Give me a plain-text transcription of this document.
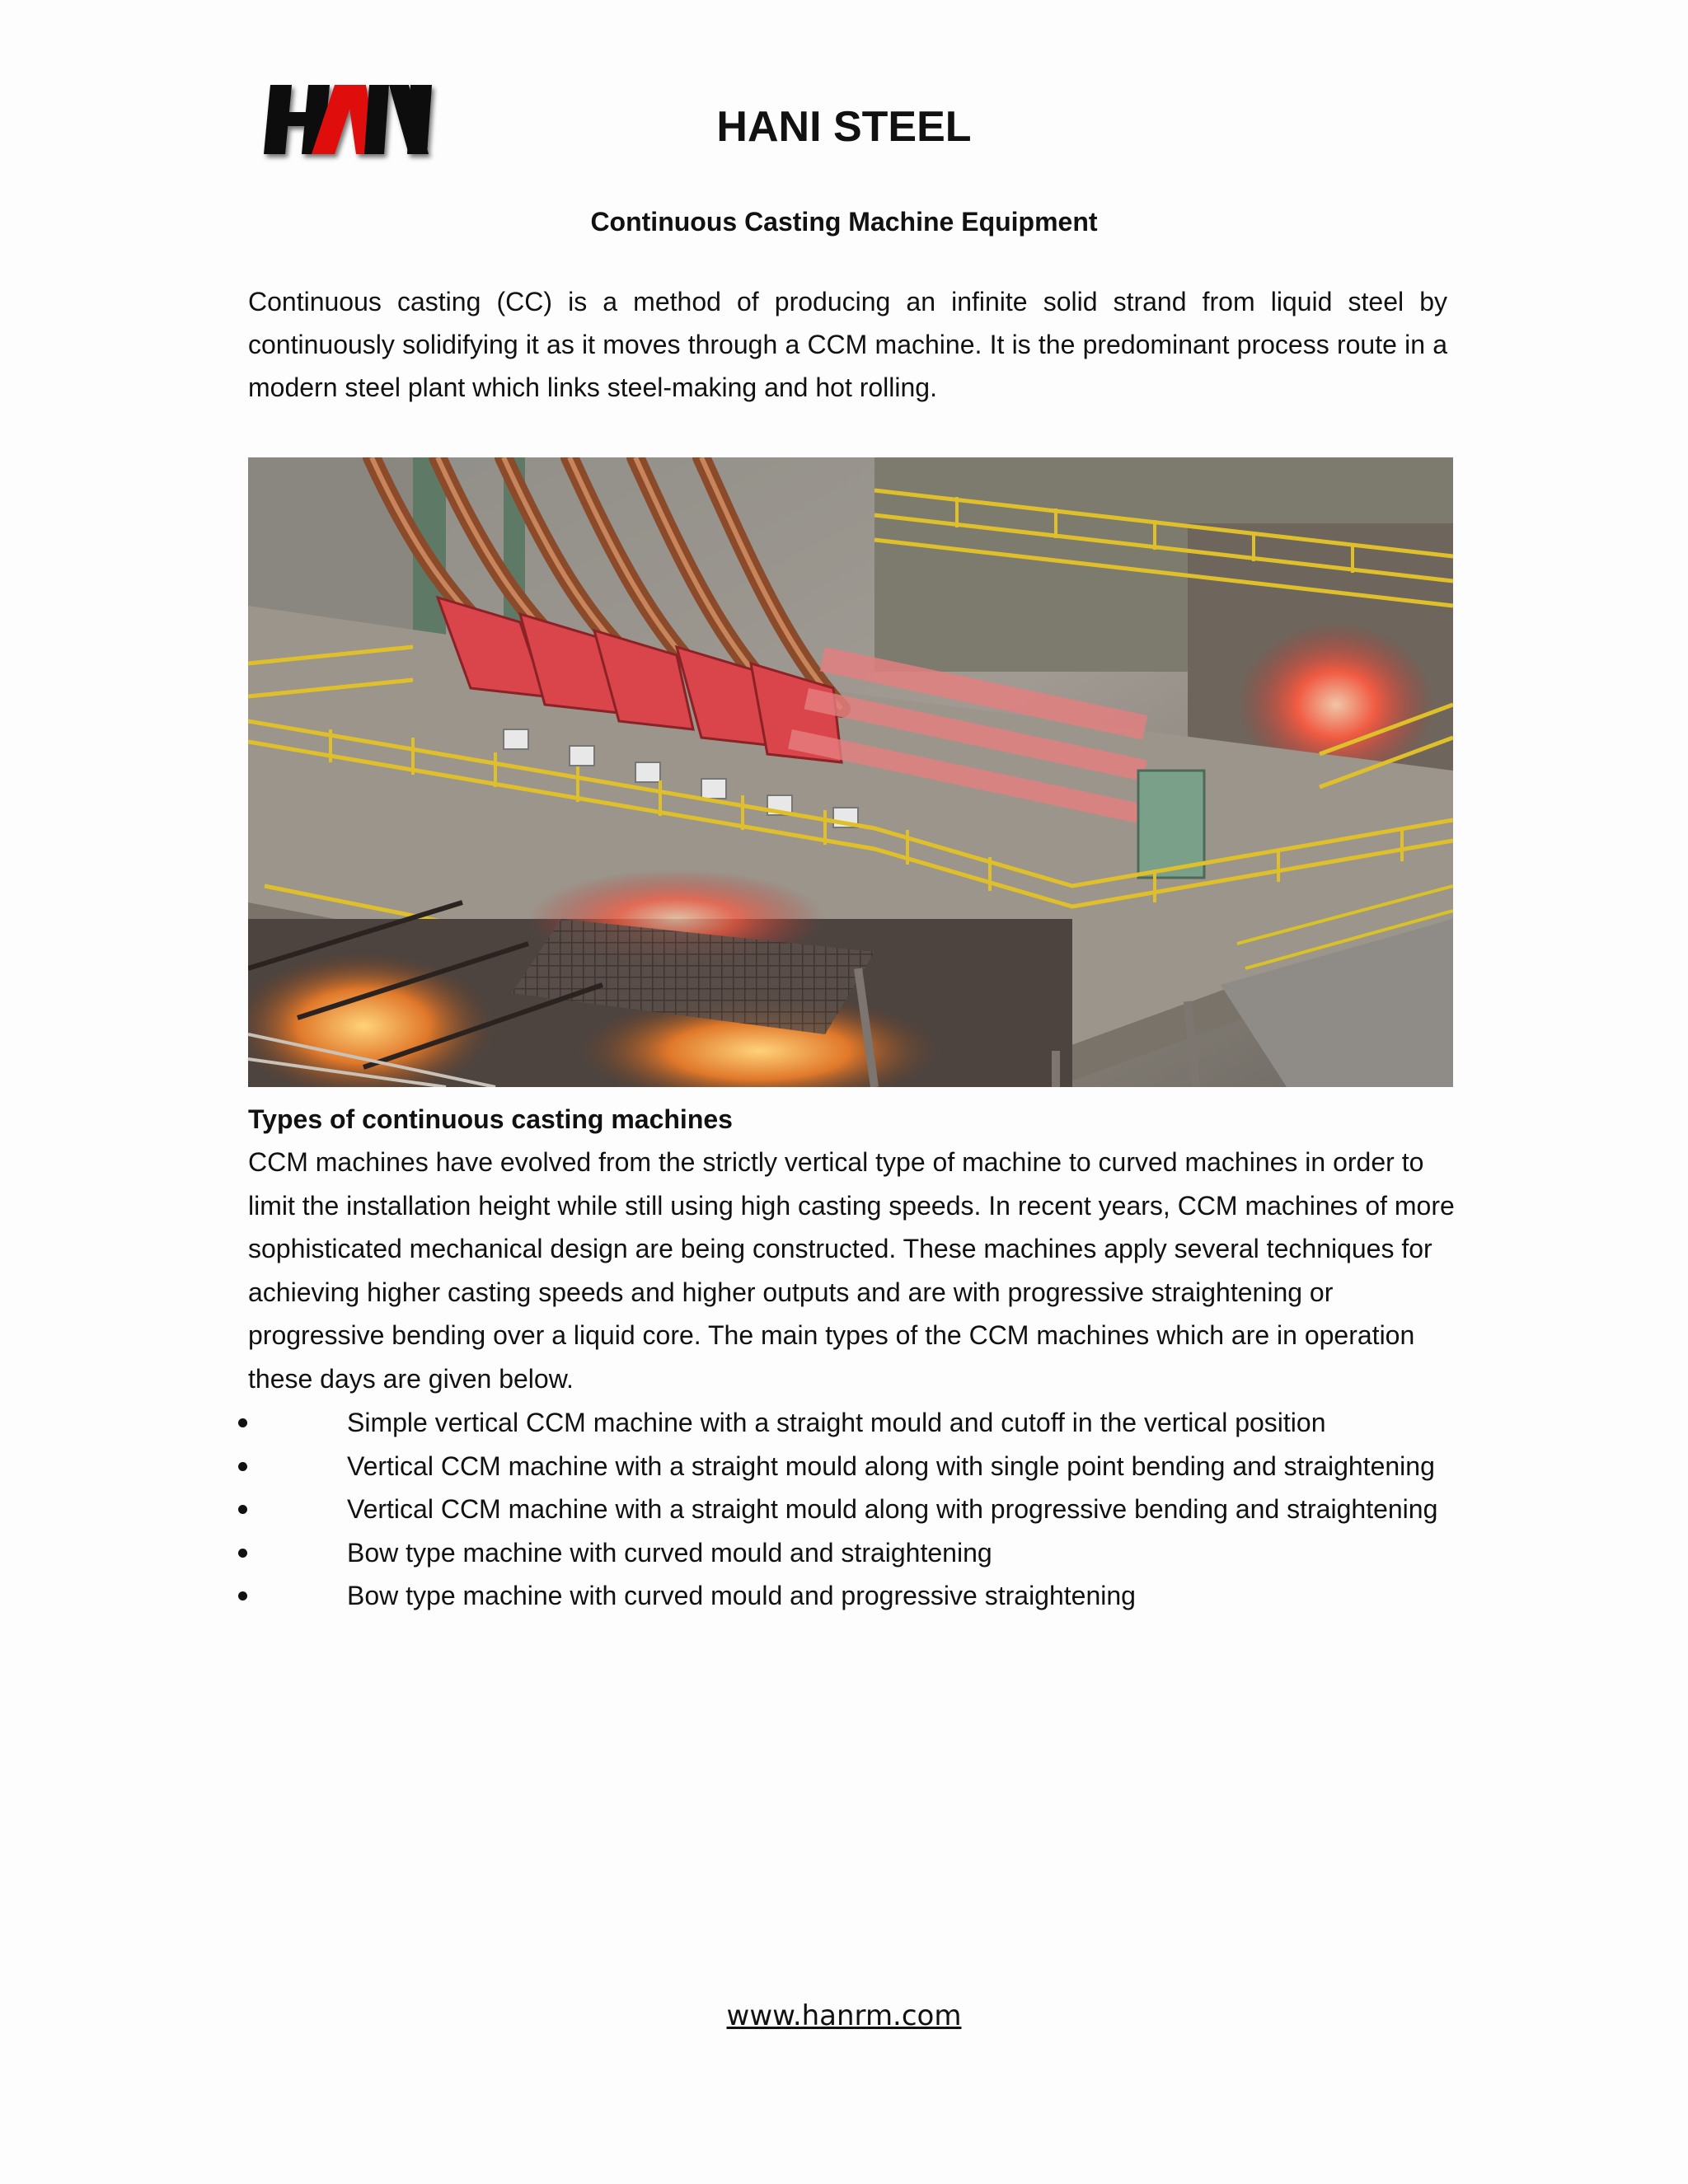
HANI STEEL
Continuous Casting Machine Equipment

Continuous casting (CC) is a method of producing an infinite solid strand from liquid steel by continuously solidifying it as it moves through a CCM machine. It is the predominant process route in a modern steel plant which links steel-making and hot rolling.

Types of continuous casting machines

CCM machines have evolved from the strictly vertical type of machine to curved machines in order to limit the installation height while still using high casting speeds. In recent years, CCM machines of more sophisticated mechanical design are being constructed. These machines apply several techniques for achieving higher casting speeds and higher outputs and are with progressive straightening or progressive bending over a liquid core. The main types of the CCM machines which are in operation these days are given below.

Simple vertical CCM machine with a straight mould and cutoff in the vertical position
Vertical CCM machine with a straight mould along with single point bending and straightening
Vertical CCM machine with a straight mould along with progressive bending and straightening
Bow type machine with curved mould and straightening
Bow type machine with curved mould and progressive straightening
www.hanrm.com
